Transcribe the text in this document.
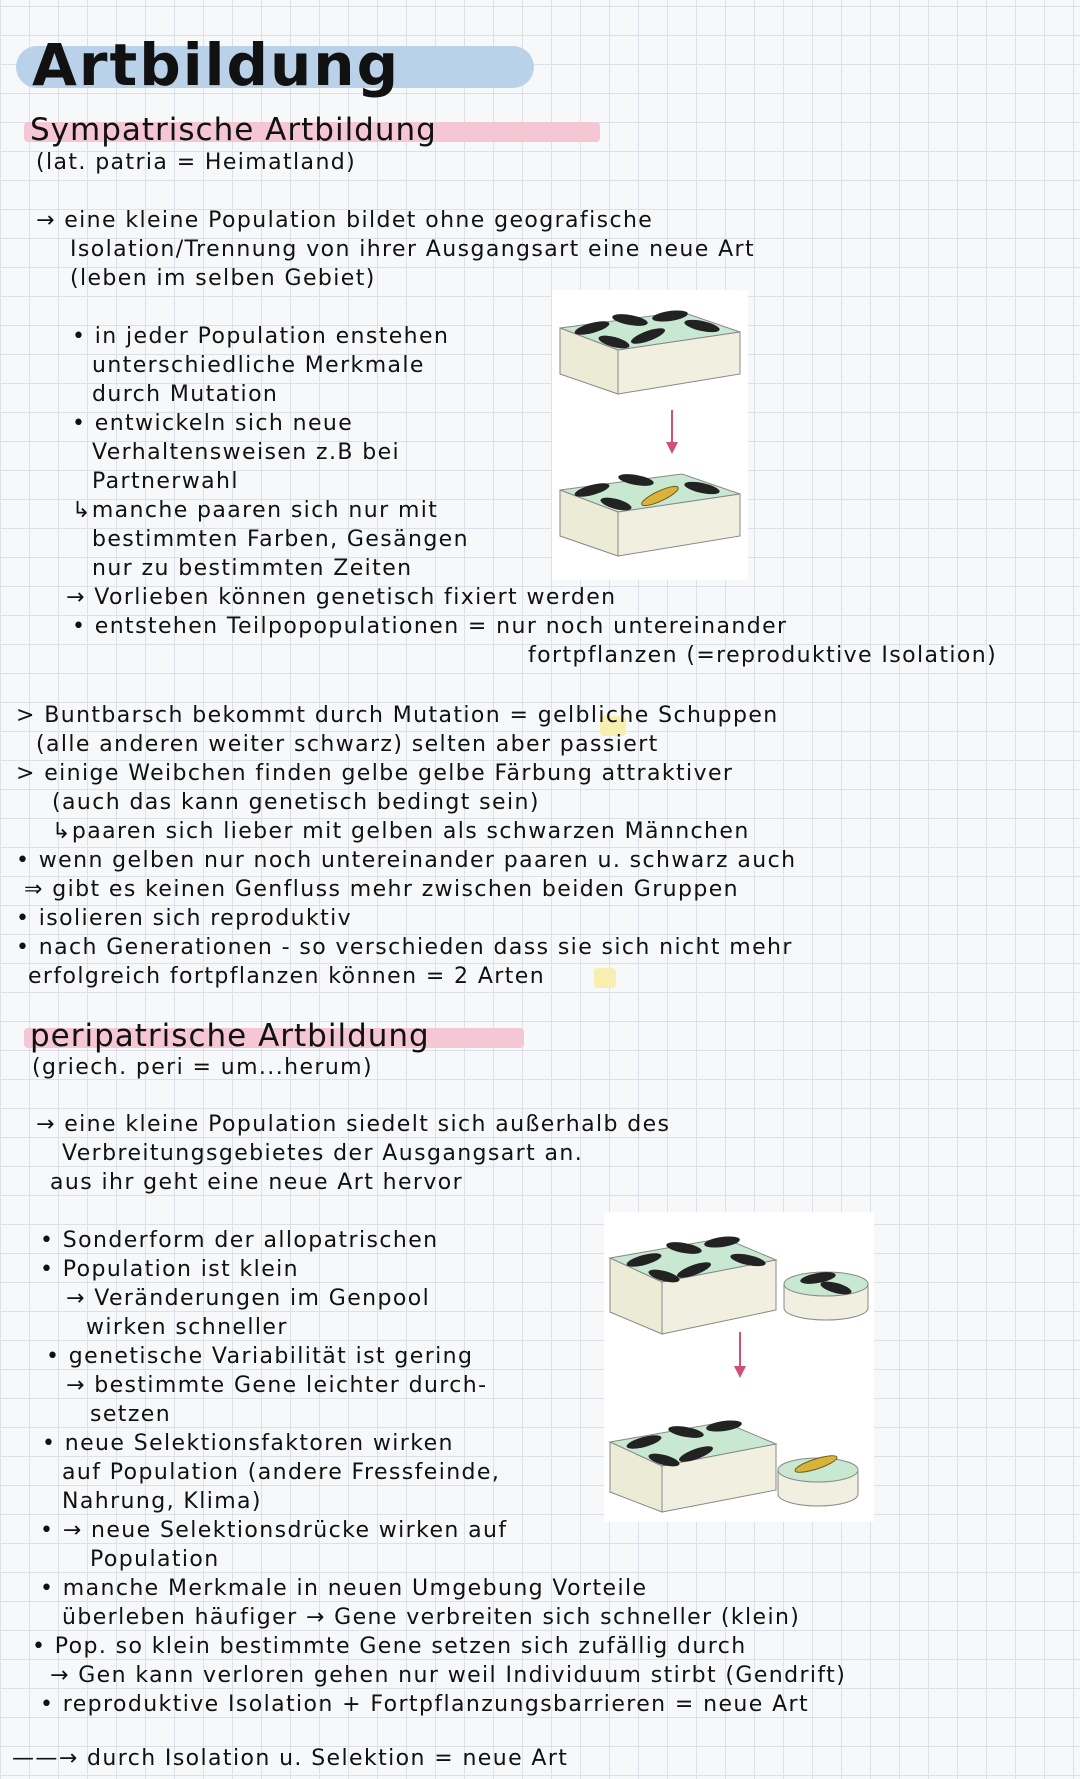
Artbildung
Sympatrische Artbildung
(lat. patria = Heimatland)
→ eine kleine Population bildet ohne geografische
Isolation/Trennung von ihrer Ausgangsart eine neue Art
(leben im selben Gebiet)
• in jeder Population enstehen
unterschiedliche Merkmale
durch Mutation
• entwickeln sich neue
Verhaltensweisen z.B bei
Partnerwahl
↳manche paaren sich nur mit
bestimmten Farben, Gesängen
nur zu bestimmten Zeiten
→ Vorlieben können genetisch fixiert werden
• entstehen Teilpopopulationen = nur noch untereinander
fortpflanzen (=reproduktive Isolation)
> Buntbarsch bekommt durch Mutation = gelbliche Schuppen
(alle anderen weiter schwarz) selten aber passiert
> einige Weibchen finden gelbe gelbe Färbung attraktiver
(auch das kann genetisch bedingt sein)
↳paaren sich lieber mit gelben als schwarzen Männchen
• wenn gelben nur noch untereinander paaren u. schwarz auch
⇒ gibt es keinen Genfluss mehr zwischen beiden Gruppen
• isolieren sich reproduktiv
• nach Generationen - so verschieden dass sie sich nicht mehr
erfolgreich fortpflanzen können = 2 Arten
peripatrische Artbildung
(griech. peri = um...herum)
→ eine kleine Population siedelt sich außerhalb des
Verbreitungsgebietes der Ausgangsart an.
aus ihr geht eine neue Art hervor
• Sonderform der allopatrischen
• Population ist klein
→ Veränderungen im Genpool
wirken schneller
• genetische Variabilität ist gering
→ bestimmte Gene leichter durch-
setzen
• neue Selektionsfaktoren wirken
auf Population (andere Fressfeinde,
Nahrung, Klima)
• → neue Selektionsdrücke wirken auf
Population
• manche Merkmale in neuen Umgebung Vorteile
überleben häufiger → Gene verbreiten sich schneller (klein)
• Pop. so klein bestimmte Gene setzen sich zufällig durch
→ Gen kann verloren gehen nur weil Individuum stirbt (Gendrift)
• reproduktive Isolation + Fortpflanzungsbarrieren = neue Art
——→ durch Isolation u. Selektion = neue Art
